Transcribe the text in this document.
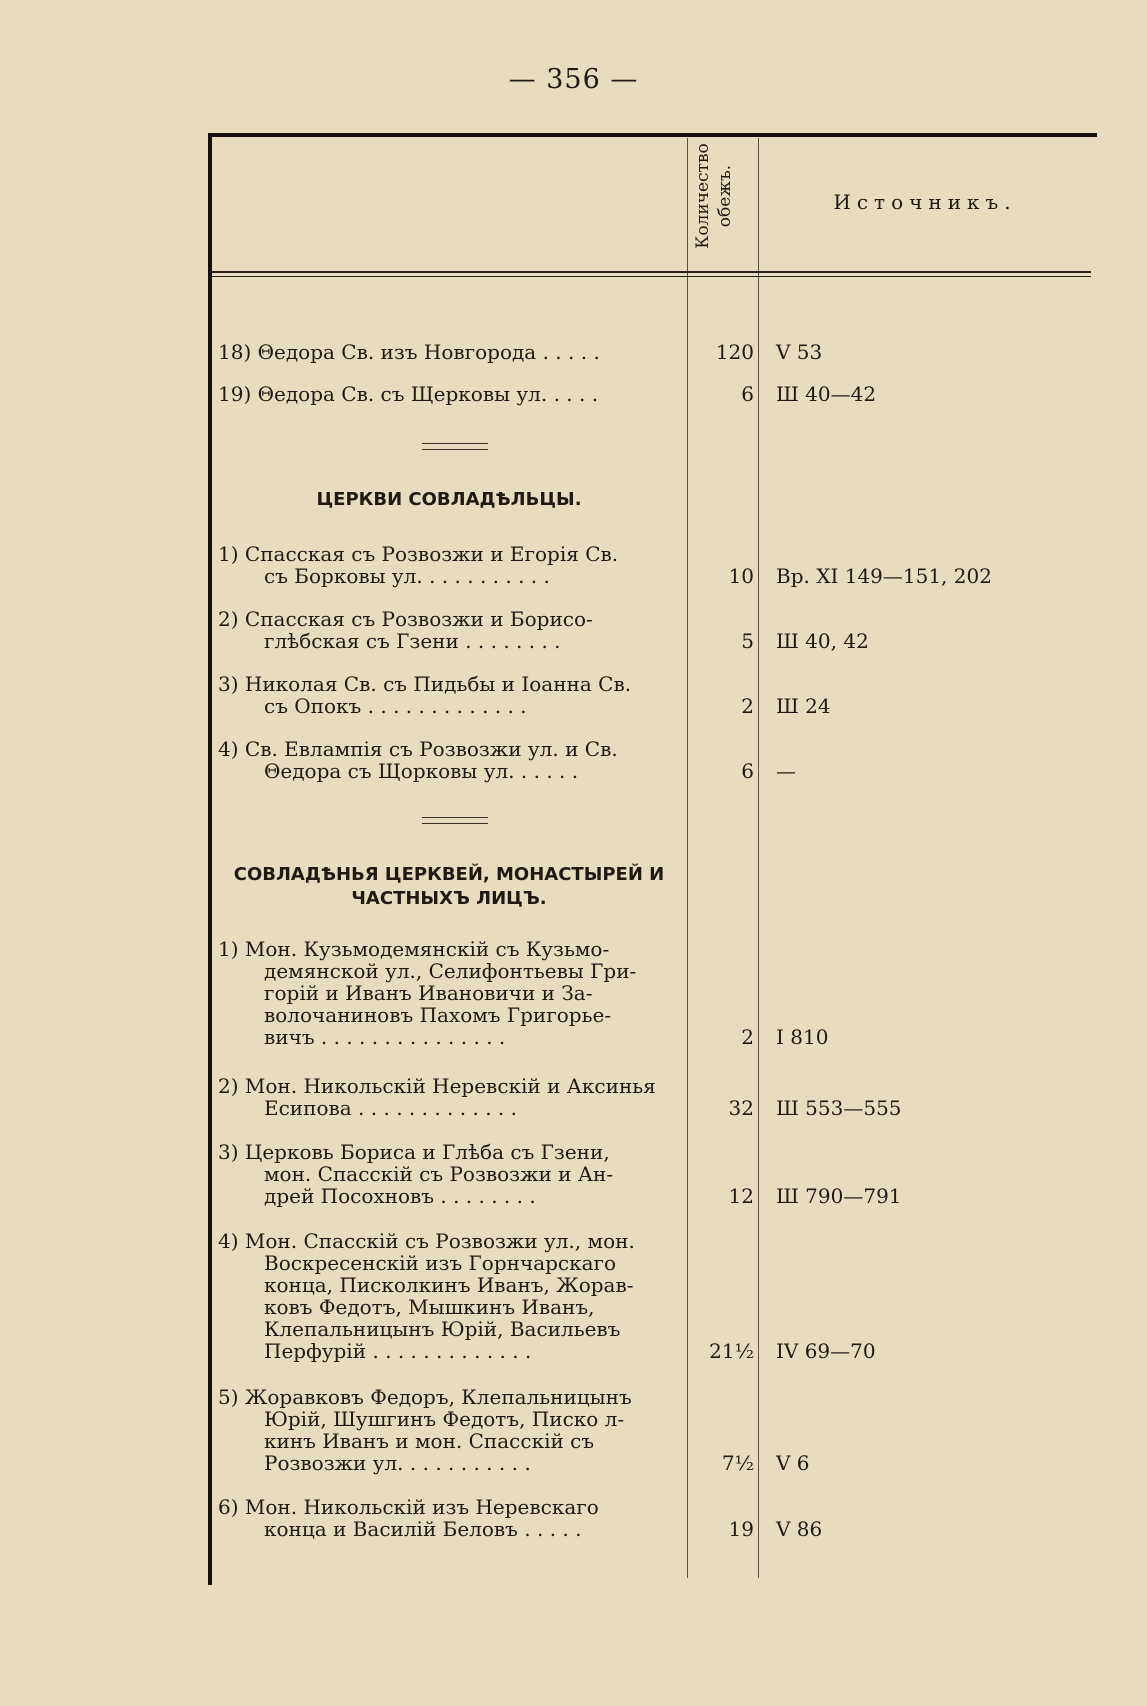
— 356 —
Количество обежъ.	Источникъ.
18) Θедора Св. изъ Новгорода . . . . .	120 V 53
19) Θедора Св. съ Щерковы ул. . . . .	6 Ш 40—42
ЦЕРКВИ СОВЛАДѢЛЬЦЫ.
1) Спасская съ Розвозжи и Егорія Св.
съ Борковы ул. . . . . . . . . . .	10 Вр. XI 149—151, 202
2) Спасская съ Розвозжи и Борисо-
глѣбская съ Гзени . . . . . . . .	5 Ш 40, 42
3) Николая Св. съ Пидьбы и Іоанна Св.
съ Опокъ . . . . . . . . . . . . .	2 Ш 24
4) Св. Евлампія съ Розвозжи ул. и Св.
Θедора съ Щорковы ул. . . . . .	6 —
СОВЛАДѢНЬЯ ЦЕРКВЕЙ, МОНАСТЫРЕЙ И
ЧАСТНЫХЪ ЛИЦЪ.
1) Мон. Кузьмодемянскій съ Кузьмо-
демянской ул., Селифонтьевы Гри-
горій и Иванъ Ивановичи и За-
волочаниновъ Пахомъ Григорье-
вичъ . . . . . . . . . . . . . . .	2 I 810
2) Мон. Никольскій Неревскій и Аксинья
Есипова . . . . . . . . . . . . .	32 Ш 553—555
3) Церковь Бориса и Глѣба съ Гзени,
мон. Спасскій съ Розвозжи и Ан-
дрей Посохновъ . . . . . . . .	12 Ш 790—791
4) Мон. Спасскій съ Розвозжи ул., мон.
Воскресенскій изъ Горнчарскаго
конца, Писколкинъ Иванъ, Жорав-
ковъ Федотъ, Мышкинъ Иванъ,
Клепальницынъ Юрій, Васильевъ
Перфурій . . . . . . . . . . . . .	21½ IV 69—70
5) Жоравковъ Федоръ, Клепальницынъ
Юрій, Шушгинъ Федотъ, Писко л-
кинъ Иванъ и мон. Спасскій съ
Розвозжи ул. . . . . . . . . . .	7½ V 6
6) Мон. Никольскій изъ Неревскаго
конца и Василій Беловъ . . . . .	19 V 86
